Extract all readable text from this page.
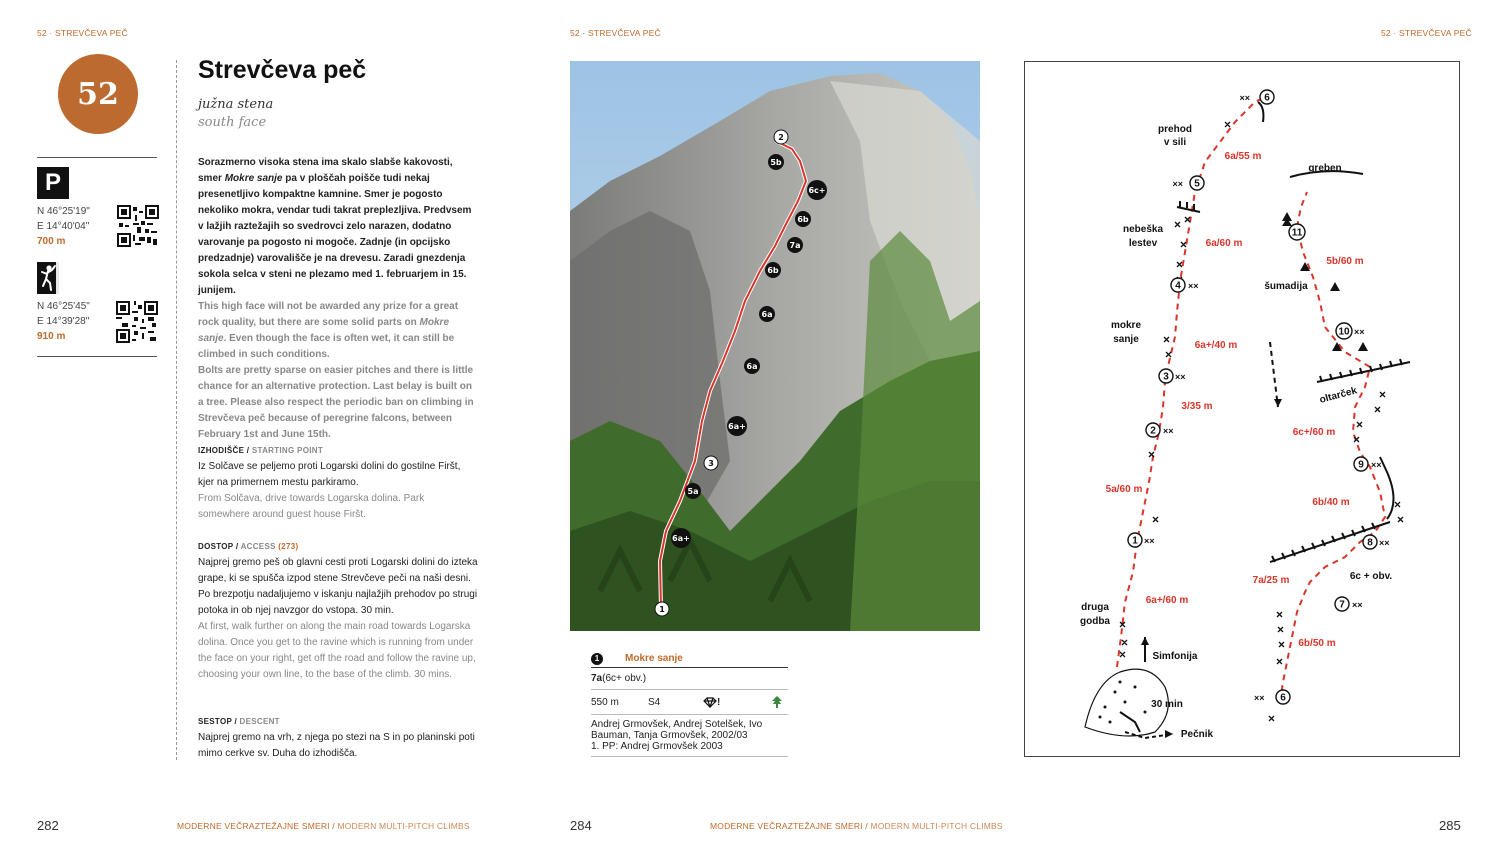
52 · STREVČEVA PEČ	52 · STREVČEVA PEČ	52 · STREVČEVA PEČ
52
P
N 46°25'19"
E 14°40'04"
700 m
N 46°25'45"
E 14°39'28"
910 m
Strevčeva peč
južna stena
south face
Sorazmerno visoka stena ima skalo slabše kakovosti, smer Mokre sanje pa v ploščah poišče tudi nekaj presenetljivo kompaktne kamnine. Smer je pogosto nekoliko mokra, vendar tudi takrat preplezljiva. Predvsem v lažjih raztežajih so svedrovci zelo narazen, dodatno varovanje pa pogosto ni mogoče. Zadnje (in opcijsko predzadnje) varovališče je na drevesu. Zaradi gnezdenja sokola selca v steni ne plezamo med 1. februarjem in 15. junijem.
This high face will not be awarded any prize for a great rock quality, but there are some solid parts on Mokre sanje. Even though the face is often wet, it can still be climbed in such conditions.
Bolts are pretty sparse on easier pitches and there is little chance for an alternative protection. Last belay is built on a tree. Please also respect the periodic ban on climbing in Strevčeva peč because of peregrine falcons, between February 1st and June 15th.
IZHODIŠČE / STARTING POINT
Iz Solčave se peljemo proti Logarski dolini do gostilne Firšt, kjer na primernem mestu parkiramo.
From Solčava, drive towards Logarska dolina. Park somewhere around guest house Firšt.
DOSTOP / ACCESS (273)
Najprej gremo peš ob glavni cesti proti Logarski dolini do izteka grape, ki se spušča izpod stene Strevčeve peči na naši desni. Po brezpotju nadaljujemo v iskanju najlažjih prehodov po strugi potoka in ob njej navzgor do vstopa. 30 min.
At first, walk further on along the main road towards Logarska dolina. Once you get to the ravine which is running from under the face on your right, get off the road and follow the ravine up, choosing your own line, to the base of the climb. 30 mins.
SESTOP / DESCENT
Najprej gremo na vrh, z njega po stezi na S in po planinski poti mimo cerkve sv. Duha do izhodišča.
5b
6c+
6b
7a
6b
6a
6a
6a+
5a
6a+
2
3
1
1	Mokre sanje
7a (6c+ obv.)
550 m	S4	!
Andrej Grmovšek, Andrej Sotelšek, Ivo Bauman, Tanja Grmovšek, 2002/03
1. PP: Andrej Grmovšek 2003
6
5
4
3
2
1
11
10
9
8
7
6
××
××
××
××
××
××
××
××
××
××
××
prehod
v sili
greben
nebeška
lestev
šumadija
mokre
sanje
oltarček
druga
godba
Simfonija
30 min
Pečnik
6c + obv.
6a/55 m
6a/60 m
6a+/40 m
3/35 m
5a/60 m
6a+/60 m
5b/60 m
6c+/60 m
6b/40 m
7a/25 m
6b/50 m
282	MODERNE VEČRAZTEŽAJNE SMERI / MODERN MULTI-PITCH CLIMBS	284	MODERNE VEČRAZTEŽAJNE SMERI / MODERN MULTI-PITCH CLIMBS	285
